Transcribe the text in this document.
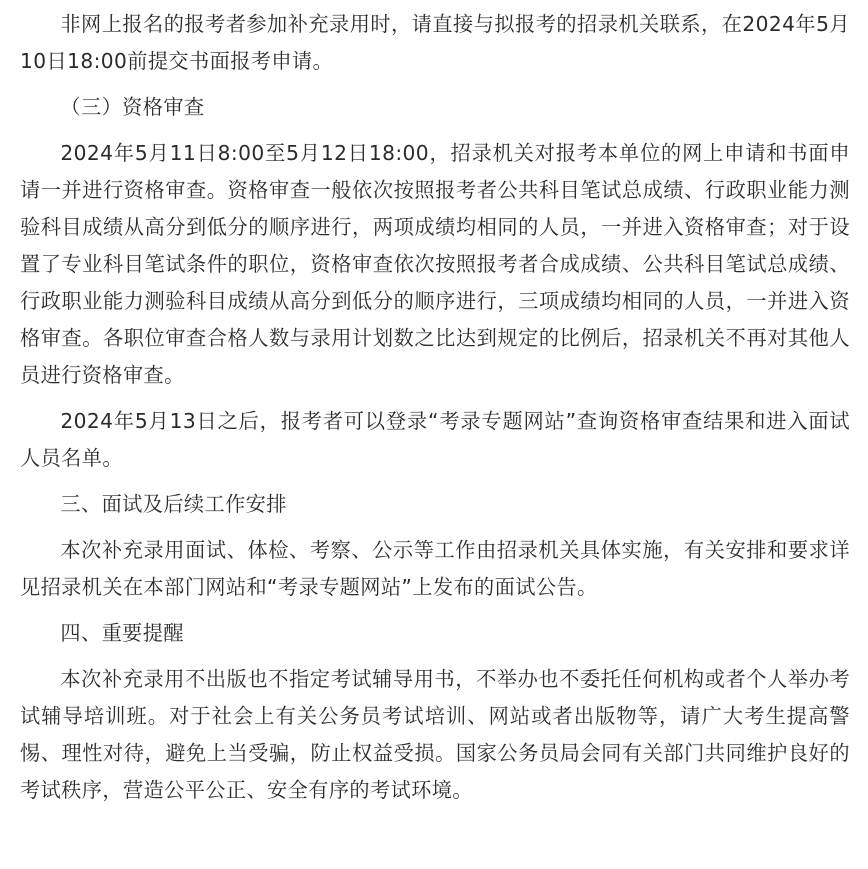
非网上报名的报考者参加补充录用时，请直接与拟报考的招录机关联系，在2024年5月10日18:00前提交书面报考申请。

（三）资格审查

2024年5月11日8:00至5月12日18:00，招录机关对报考本单位的网上申请和书面申请一并进行资格审查。资格审查一般依次按照报考者公共科目笔试总成绩、行政职业能力测验科目成绩从高分到低分的顺序进行，两项成绩均相同的人员，一并进入资格审查；对于设置了专业科目笔试条件的职位，资格审查依次按照报考者合成成绩、公共科目笔试总成绩、行政职业能力测验科目成绩从高分到低分的顺序进行，三项成绩均相同的人员，一并进入资格审查。各职位审查合格人数与录用计划数之比达到规定的比例后，招录机关不再对其他人员进行资格审查。

2024年5月13日之后，报考者可以登录“考录专题网站”查询资格审查结果和进入面试人员名单。

三、面试及后续工作安排

本次补充录用面试、体检、考察、公示等工作由招录机关具体实施，有关安排和要求详见招录机关在本部门网站和“考录专题网站”上发布的面试公告。

四、重要提醒

本次补充录用不出版也不指定考试辅导用书，不举办也不委托任何机构或者个人举办考试辅导培训班。对于社会上有关公务员考试培训、网站或者出版物等，请广大考生提高警惕、理性对待，避免上当受骗，防止权益受损。国家公务员局会同有关部门共同维护良好的考试秩序，营造公平公正、安全有序的考试环境。
